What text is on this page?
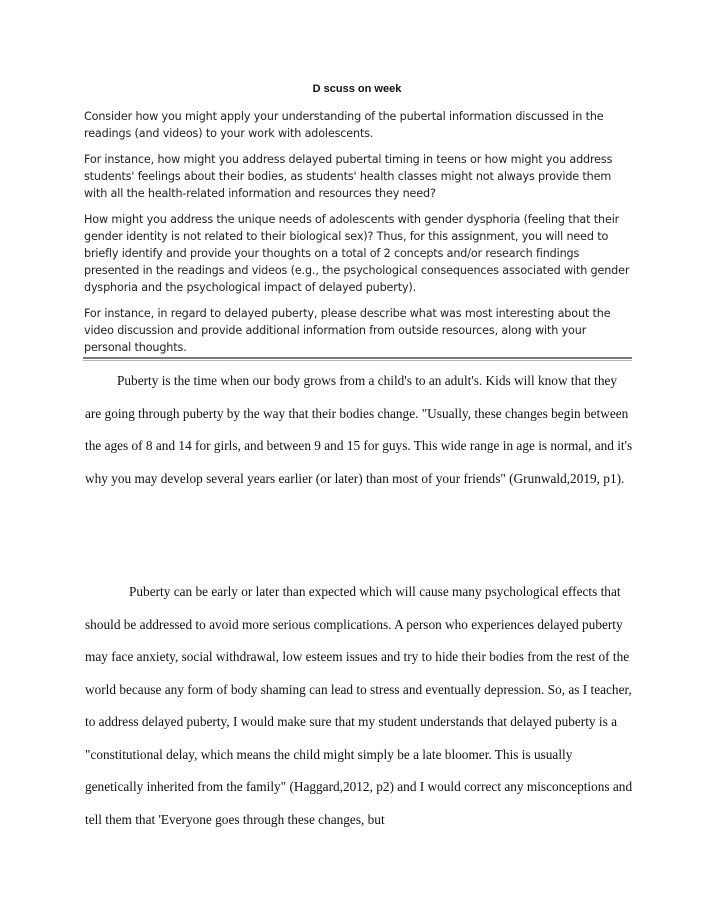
D scuss on week

Consider how you might apply your understanding of the pubertal information discussed in the readings (and videos) to your work with adolescents.

For instance, how might you address delayed pubertal timing in teens or how might you address students' feelings about their bodies, as students' health classes might not always provide them with all the health-related information and resources they need?

How might you address the unique needs of adolescents with gender dysphoria (feeling that their gender identity is not related to their biological sex)? Thus, for this assignment, you will need to briefly identify and provide your thoughts on a total of 2 concepts and/or research findings presented in the readings and videos (e.g., the psychological consequences associated with gender dysphoria and the psychological impact of delayed puberty).

For instance, in regard to delayed puberty, please describe what was most interesting about the video discussion and provide additional information from outside resources, along with your personal thoughts.

Puberty is the time when our body grows from a child's to an adult's. Kids will know that they are going through puberty by the way that their bodies change. "Usually, these changes begin between the ages of 8 and 14 for girls, and between 9 and 15 for guys. This wide range in age is normal, and it's why you may develop several years earlier (or later) than most of your friends" (Grunwald,2019, p1).

Puberty can be early or later than expected which will cause many psychological effects that should be addressed to avoid more serious complications. A person who experiences delayed puberty may face anxiety, social withdrawal, low esteem issues and try to hide their bodies from the rest of the world because any form of body shaming can lead to stress and eventually depression. So, as I teacher, to address delayed puberty, I would make sure that my student understands that delayed puberty is a "constitutional delay, which means the child might simply be a late bloomer. This is usually genetically inherited from the family" (Haggard,2012, p2) and I would correct any misconceptions and tell them that 'Everyone goes through these changes, but
